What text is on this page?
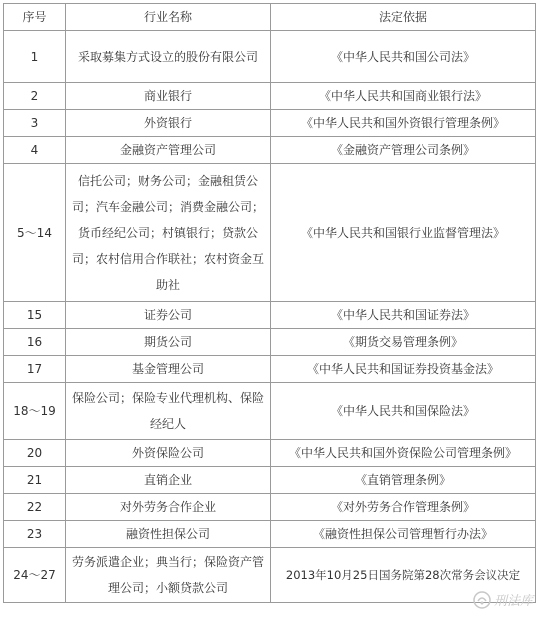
序号	行业名称	法定依据
1	采取募集方式设立的股份有限公司	《中华人民共和国公司法》
2	商业银行	《中华人民共和国商业银行法》
3	外资银行	《中华人民共和国外资银行管理条例》
4	金融资产管理公司	《金融资产管理公司条例》
5～14	信托公司；财务公司；金融租赁公司；汽车金融公司；消费金融公司；货币经纪公司；村镇银行；贷款公司；农村信用合作联社；农村资金互助社	《中华人民共和国银行业监督管理法》
15	证券公司	《中华人民共和国证券法》
16	期货公司	《期货交易管理条例》
17	基金管理公司	《中华人民共和国证券投资基金法》
18～19	保险公司；保险专业代理机构、保险经纪人	《中华人民共和国保险法》
20	外资保险公司	《中华人民共和国外资保险公司管理条例》
21	直销企业	《直销管理条例》
22	对外劳务合作企业	《对外劳务合作管理条例》
23	融资性担保公司	《融资性担保公司管理暂行办法》
24～27	劳务派遣企业；典当行；保险资产管理公司；小额贷款公司	2013年10月25日国务院第28次常务会议决定
刑法库
